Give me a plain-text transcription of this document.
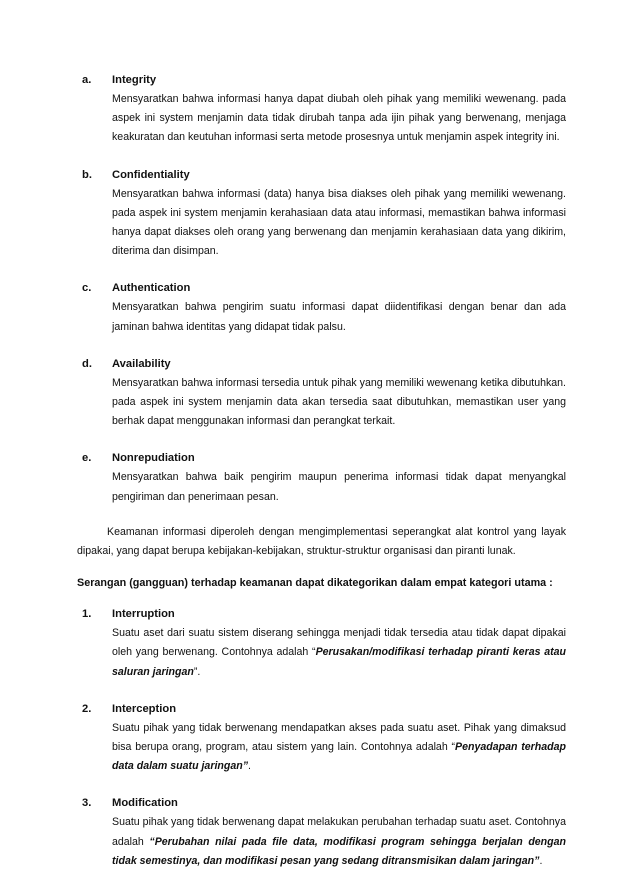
a. Integrity

Mensyaratkan bahwa informasi hanya dapat diubah oleh pihak yang memiliki wewenang. pada aspek ini system menjamin data tidak dirubah tanpa ada ijin pihak yang berwenang, menjaga keakuratan dan keutuhan informasi serta metode prosesnya untuk menjamin aspek integrity ini.

b. Confidentiality

Mensyaratkan bahwa informasi (data) hanya bisa diakses oleh pihak yang memiliki wewenang. pada aspek ini system menjamin kerahasiaan data atau informasi, memastikan bahwa informasi hanya dapat diakses oleh orang yang berwenang dan menjamin kerahasiaan data yang dikirim, diterima dan disimpan.

c. Authentication

Mensyaratkan bahwa pengirim suatu informasi dapat diidentifikasi dengan benar dan ada jaminan bahwa identitas yang didapat tidak palsu.

d. Availability

Mensyaratkan bahwa informasi tersedia untuk pihak yang memiliki wewenang ketika dibutuhkan. pada aspek ini system menjamin data akan tersedia saat dibutuhkan, memastikan user yang berhak dapat menggunakan informasi dan perangkat terkait.

e. Nonrepudiation

Mensyaratkan bahwa baik pengirim maupun penerima informasi tidak dapat menyangkal pengiriman dan penerimaan pesan.

Keamanan informasi diperoleh dengan mengimplementasi seperangkat alat kontrol yang layak dipakai, yang dapat berupa kebijakan-kebijakan, struktur-struktur organisasi dan piranti lunak.

Serangan (gangguan) terhadap keamanan dapat dikategorikan dalam empat kategori utama :

1. Interruption

Suatu aset dari suatu sistem diserang sehingga menjadi tidak tersedia atau tidak dapat dipakai oleh yang berwenang. Contohnya adalah “Perusakan/modifikasi terhadap piranti keras atau saluran jaringan”.

2. Interception

Suatu pihak yang tidak berwenang mendapatkan akses pada suatu aset. Pihak yang dimaksud bisa berupa orang, program, atau sistem yang lain. Contohnya adalah “Penyadapan terhadap data dalam suatu jaringan”.

3. Modification

Suatu pihak yang tidak berwenang dapat melakukan perubahan terhadap suatu aset. Contohnya adalah “Perubahan nilai pada file data, modifikasi program sehingga berjalan dengan tidak semestinya, dan modifikasi pesan yang sedang ditransmisikan dalam jaringan”.
